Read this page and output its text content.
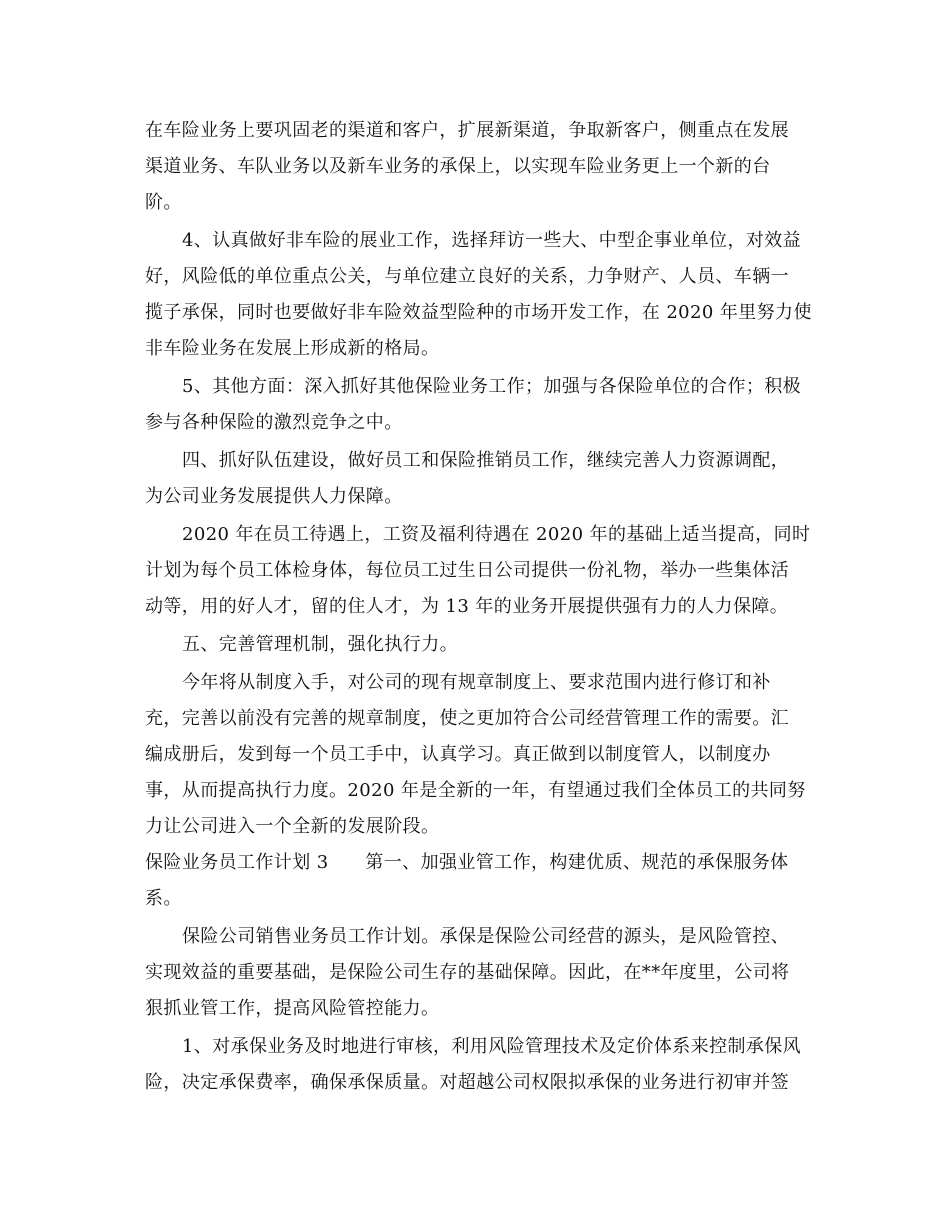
在车险业务上要巩固老的渠道和客户，扩展新渠道，争取新客户，侧重点在发展
渠道业务、车队业务以及新车业务的承保上，以实现车险业务更上一个新的台
阶。
4、认真做好非车险的展业工作，选择拜访一些大、中型企事业单位，对效益
好，风险低的单位重点公关，与单位建立良好的关系，力争财产、人员、车辆一
揽子承保，同时也要做好非车险效益型险种的市场开发工作，在 2020 年里努力使
非车险业务在发展上形成新的格局。
5、其他方面：深入抓好其他保险业务工作；加强与各保险单位的合作；积极
参与各种保险的激烈竞争之中。
四、抓好队伍建设，做好员工和保险推销员工作，继续完善人力资源调配，
为公司业务发展提供人力保障。
2020 年在员工待遇上，工资及福利待遇在 2020 年的基础上适当提高，同时
计划为每个员工体检身体，每位员工过生日公司提供一份礼物，举办一些集体活
动等，用的好人才，留的住人才，为 13 年的业务开展提供强有力的人力保障。
五、完善管理机制，强化执行力。
今年将从制度入手，对公司的现有规章制度上、要求范围内进行修订和补
充，完善以前没有完善的规章制度，使之更加符合公司经营管理工作的需要。汇
编成册后，发到每一个员工手中，认真学习。真正做到以制度管人，以制度办
事，从而提高执行力度。2020 年是全新的一年，有望通过我们全体员工的共同努
力让公司进入一个全新的发展阶段。
保险业务员工作计划 3　　第一、加强业管工作，构建优质、规范的承保服务体
系。
保险公司销售业务员工作计划。承保是保险公司经营的源头，是风险管控、
实现效益的重要基础，是保险公司生存的基础保障。因此，在**年度里，公司将
狠抓业管工作，提高风险管控能力。
1、对承保业务及时地进行审核，利用风险管理技术及定价体系来控制承保风
险，决定承保费率，确保承保质量。对超越公司权限拟承保的业务进行初审并签
